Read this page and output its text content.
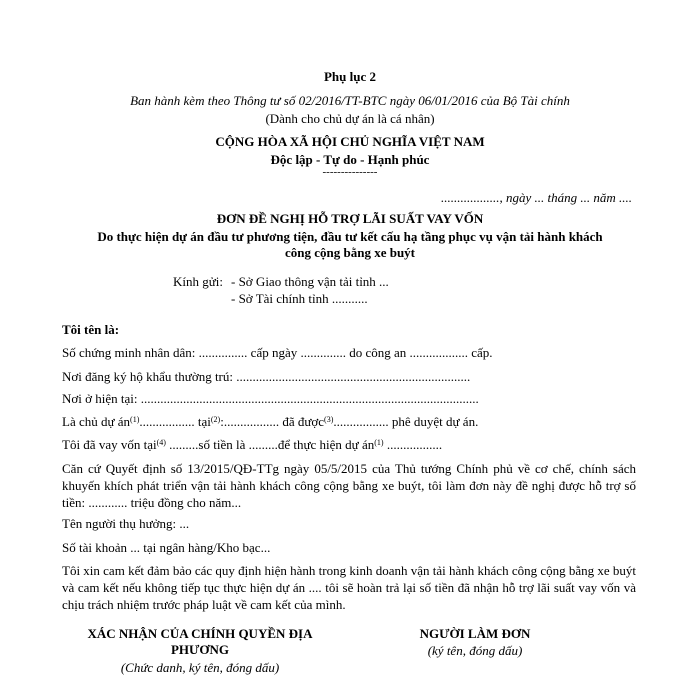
Phụ lục 2
Ban hành kèm theo Thông tư số 02/2016/TT-BTC ngày 06/01/2016 của Bộ Tài chính
(Dành cho chủ dự án là cá nhân)
CỘNG HÒA XÃ HỘI CHỦ NGHĨA VIỆT NAM
Độc lập - Tự do - Hạnh phúc
---------------
.................., ngày ... tháng ... năm ....
ĐƠN ĐỀ NGHỊ HỖ TRỢ LÃI SUẤT VAY VỐN
Do thực hiện dự án đầu tư phương tiện, đầu tư kết cấu hạ tầng phục vụ vận tải hành khách
công cộng bằng xe buýt
Kính gửi: - Sở Giao thông vận tải tỉnh ...
- Sở Tài chính tỉnh ...........
Tôi tên là:
Số chứng minh nhân dân: ............... cấp ngày .............. do công an .................. cấp.
Nơi đăng ký hộ khẩu thường trú: ........................................................................
Nơi ở hiện tại: ........................................................................................................
Là chủ dự $án^{(1)}$................. tại$^{(2)}$:................. đã được$^{(3)}$................. phê duyệt dự án.
Tôi đã vay vốn tại$^{(4)}$ .........số tiền là .........để thực hiện dự $án^{(1)}$ .................
Căn cứ Quyết định số 13/2015/QĐ-TTg ngày 05/5/2015 của Thủ tướng Chính phủ về cơ chế, chính sách khuyến khích phát triển vận tải hành khách công cộng bằng xe buýt, tôi làm đơn này đề nghị được hỗ trợ số tiền: ............ triệu đồng cho năm...
Tên người thụ hưởng: ...
Số tài khoản ... tại ngân hàng/Kho bạc...
Tôi xin cam kết đảm bảo các quy định hiện hành trong kinh doanh vận tải hành khách công cộng bằng xe buýt và cam kết nếu không tiếp tục thực hiện dự án .... tôi sẽ hoàn trả lại số tiền đã nhận hỗ trợ lãi suất vay vốn và chịu trách nhiệm trước pháp luật về cam kết của mình.
XÁC NHẬN CỦA CHÍNH QUYỀN ĐỊA
PHƯƠNG
(Chức danh, ký tên, đóng dấu)
NGƯỜI LÀM ĐƠN
(ký tên, đóng dấu)
